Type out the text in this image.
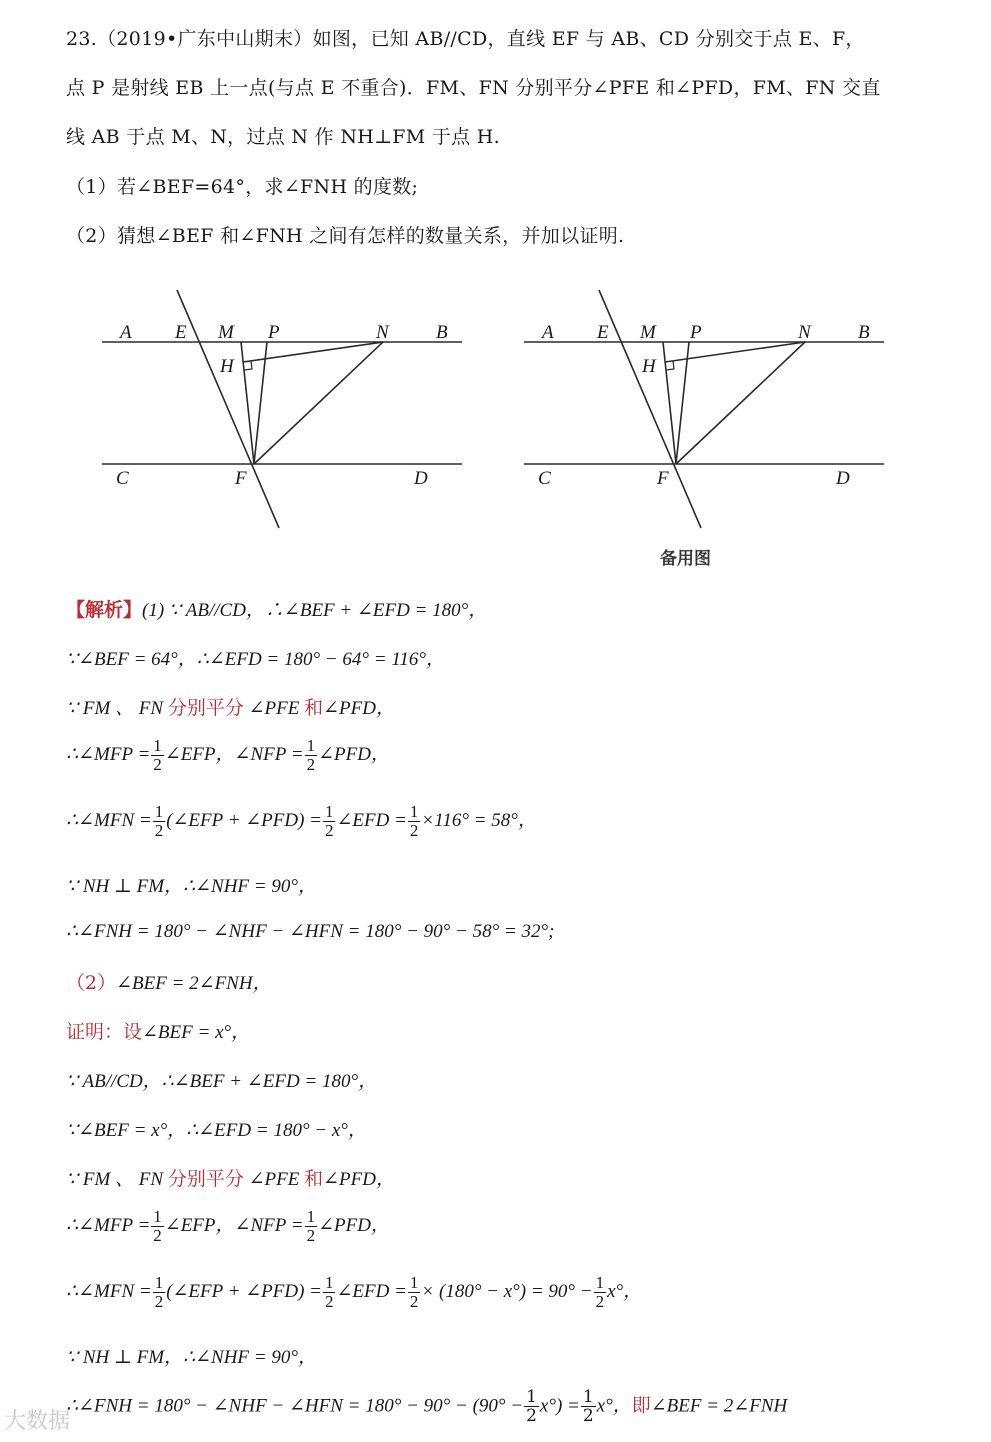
23.（2019•广东中山期末）如图，已知 AB//CD，直线 EF 与 AB、CD 分别交于点 E、F，
点 P 是射线 EB 上一点(与点 E 不重合)．FM、FN 分别平分∠PFE 和∠PFD，FM、FN 交直
线 AB 于点 M、N，过点 N 作 NH⊥FM 于点 H.
（1）若∠BEF=64°，求∠FNH 的度数;
（2）猜想∠BEF 和∠FNH 之间有怎样的数量关系，并加以证明.
A E M P	N B
H
C	F	D
A E M P	N B
H
C	F	D
备用图
【解析】(1) ∵ AB//CD，∴∠BEF + ∠EFD = 180°，
∵∠BEF = 64°，∴∠EFD = 180° − 64° = 116°，
∵ FM 、 FN 分别平分 ∠PFE 和∠PFD，
∴∠MFP = $\frac{1}{2}$ ∠EFP，∠NFP = $\frac{1}{2}$ ∠PFD，
∴∠MFN = $\frac{1}{2}$ (∠EFP + ∠PFD) = $\frac{1}{2}$ ∠EFD = $\frac{1}{2} \times 116^\circ = 58^\circ$，
∵ NH ⊥ FM，∴∠NHF = 90°，
∴∠FNH = 180° − ∠NHF − ∠HFN = 180° − 90° − 58° = 32°;
（2）∠BEF = 2∠FNH，
证明：设∠BEF = x°，
∵ AB//CD，∴∠BEF + ∠EFD = 180°，
∵∠BEF = x°，∴∠EFD = 180° − x°，
∵ FM 、 FN 分别平分 ∠PFE 和∠PFD，
∴∠MFP = $\frac{1}{2}$ ∠EFP，∠NFP = $\frac{1}{2}$ ∠PFD，
∴∠MFN = $\frac{1}{2}$ (∠EFP + ∠PFD) = $\frac{1}{2}$ ∠EFD = $\frac{1}{2} \times (180^\circ - x^\circ) = 90^\circ - \frac{1}{2} x^\circ$，
∵ NH ⊥ FM，∴∠NHF = 90°，
∴∠FNH = 180° − ∠NHF − ∠HFN = $180^\circ - 90^\circ - (90^\circ - \frac{1}{2} x^\circ) = \frac{1}{2} x^\circ$，即∠BEF = 2∠FNH
大数据
